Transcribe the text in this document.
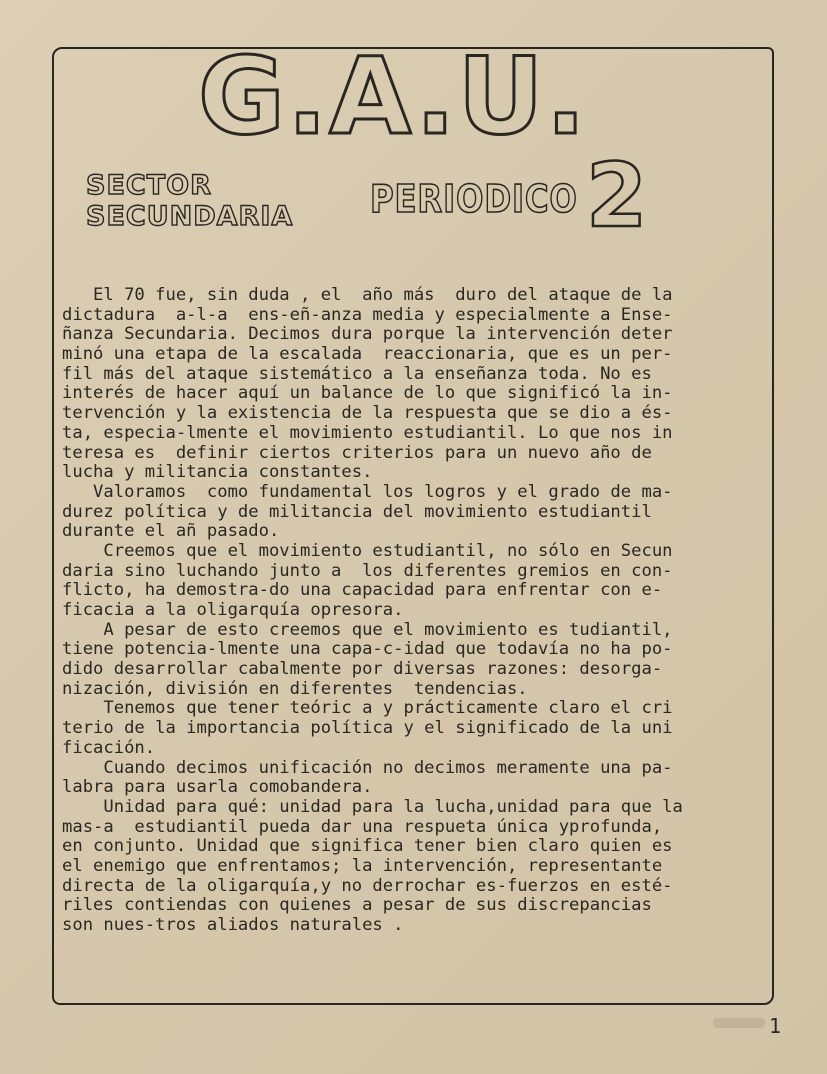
G.A.U.
SECTOR
SECUNDARIA PERIODICO 2
El 70 fue, sin duda , el  año más  duro del ataque de la
dictadura  a-l-a  ens-eñ-anza media y especialmente a Ense-
ñanza Secundaria. Decimos dura porque la intervención deter
minó una etapa de la escalada  reaccionaria, que es un per-
fil más del ataque sistemático a la enseñanza toda. No es
interés de hacer aquí un balance de lo que significó la in-
tervención y la existencia de la respuesta que se dio a és-
ta, especia-lmente el movimiento estudiantil. Lo que nos in
teresa es  definir ciertos criterios para un nuevo año de
lucha y militancia constantes.
Valoramos  como fundamental los logros y el grado de ma-
durez política y de militancia del movimiento estudiantil
durante el añ pasado.
Creemos que el movimiento estudiantil, no sólo en Secun
daria sino luchando junto a  los diferentes gremios en con-
flicto, ha demostra-do una capacidad para enfrentar con e-
ficacia a la oligarquía opresora.
A pesar de esto creemos que el movimiento es tudiantil,
tiene potencia-lmente una capa-c-idad que todavía no ha po-
dido desarrollar cabalmente por diversas razones: desorga-
nización, división en diferentes  tendencias.
Tenemos que tener teóric a y prácticamente claro el cri
terio de la importancia política y el significado de la uni
ficación.
Cuando decimos unificación no decimos meramente una pa-
labra para usarla comobandera.
Unidad para qué: unidad para la lucha,unidad para que la
mas-a  estudiantil pueda dar una respueta única yprofunda,
en conjunto. Unidad que significa tener bien claro quien es
el enemigo que enfrentamos; la intervención, representante
directa de la oligarquía,y no derrochar es-fuerzos en esté-
riles contiendas con quienes a pesar de sus discrepancias
son nues-tros aliados naturales .
1
